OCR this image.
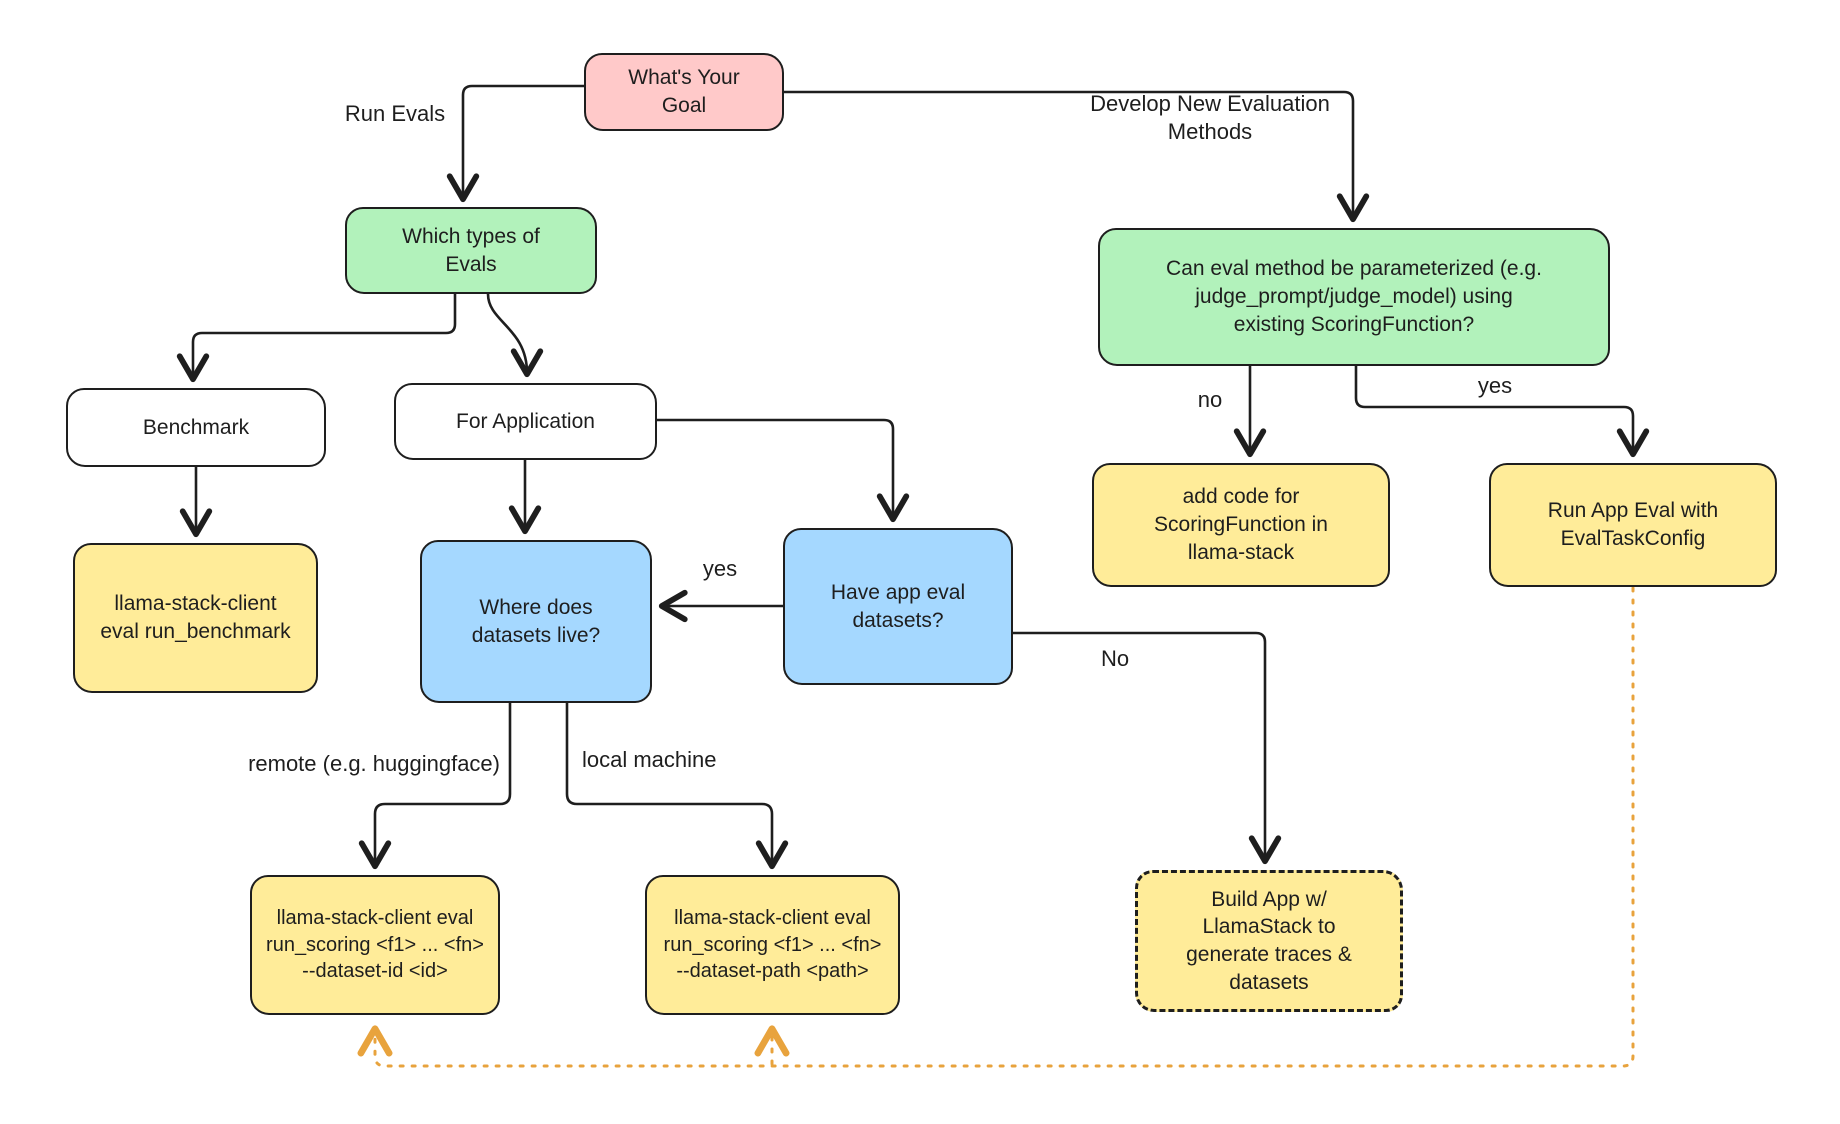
What's Your
Goal
Which types of
Evals	Can eval method be parameterized (e.g.
judge_prompt/judge_model) using
existing ScoringFunction?
Benchmark	For Application
llama-stack-client
eval run_benchmark
Where does
datasets live?
Have app eval
datasets?
add code for
ScoringFunction in
llama-stack
Run App Eval with
EvalTaskConfig
Build App w/
LlamaStack to
generate traces &
datasets
llama-stack-client eval
run_scoring <f1> ... <fn>
--dataset-id <id>
llama-stack-client eval
run_scoring <f1> ... <fn>
--dataset-path <path>
Run Evals	Develop New Evaluation
Methods
yes
No
no
yes
remote (e.g. huggingface)	local machine
